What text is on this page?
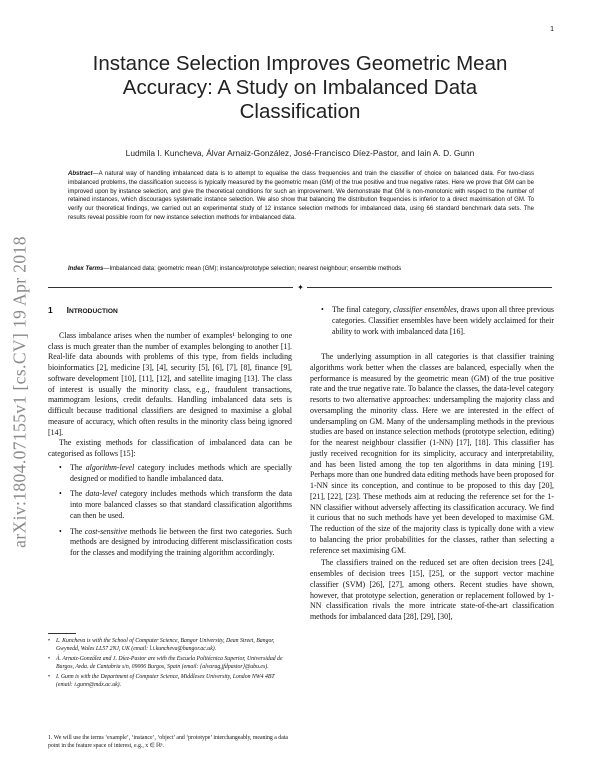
1
arXiv:1804.07155v1 [cs.CV] 19 Apr 2018
Instance Selection Improves Geometric Mean
Accuracy: A Study on Imbalanced Data
Classification
Ludmila I. Kuncheva, Álvar Arnaiz-González, José-Francisco Díez-Pastor, and Iain A. D. Gunn
Abstract—A natural way of handling imbalanced data is to attempt to equalise the class frequencies and train the classifier of choice on balanced data. For two-class imbalanced problems, the classification success is typically measured by the geometric mean (GM) of the true positive and true negative rates. Here we prove that GM can be improved upon by instance selection, and give the theoretical conditions for such an improvement. We demonstrate that GM is non-monotonic with respect to the number of retained instances, which discourages systematic instance selection. We also show that balancing the distribution frequencies is inferior to a direct maximisation of GM. To verify our theoretical findings, we carried out an experimental study of 12 instance selection methods for imbalanced data, using 66 standard benchmark data sets. The results reveal possible room for new instance selection methods for imbalanced data.
Index Terms—Imbalanced data; geometric mean (GM); instance/prototype selection; nearest neighbour; ensemble methods
✦
1 INTRODUCTION

Class imbalance arises when the number of examples¹ belonging to one class is much greater than the number of examples belonging to another [1]. Real-life data abounds with problems of this type, from fields including bioinformatics [2], medicine [3], [4], security [5], [6], [7], [8], finance [9], software development [10], [11], [12], and satellite imaging [13]. The class of interest is usually the minority class, e.g., fraudulent transactions, mammogram lesions, credit defaults. Handling imbalanced data sets is difficult because traditional classifiers are designed to maximise a global measure of accuracy, which often results in the minority class being ignored [14].

The existing methods for classification of imbalanced data can be categorised as follows [15]:

• The algorithm-level category includes methods which are specially designed or modified to handle imbalanced data.
• The data-level category includes methods which transform the data into more balanced classes so that standard classification algorithms can then be used.
• The cost-sensitive methods lie between the first two categories. Such methods are designed by introducing different misclassification costs for the classes and modifying the training algorithm accordingly.
• L. Kuncheva is with the School of Computer Science, Bangor University, Dean Street, Bangor, Gwynedd, Wales LL57 2NJ, UK (email: l.i.kuncheva@bangor.ac.uk).
• Á. Arnaiz-González and J. Díez-Pastor are with the Escuela Politécnica Superior, Universidad de Burgos, Avda. de Cantabria s/n, 09006 Burgos, Spain (email: {alvarag,jfdpastor}@ubu.es).
• I. Gunn is with the Department of Computer Science, Middlesex University, London NW4 4BT (email: i.gunn@mdx.ac.uk).
1. We will use the terms ‘example’, ‘instance’, ‘object’ and ‘prototype’ interchangeably, meaning a data point in the feature space of interest, e.g., x ∈ ℝⁿ.
• The final category, classifier ensembles, draws upon all three previous categories. Classifier ensembles have been widely acclaimed for their ability to work with imbalanced data [16].

The underlying assumption in all categories is that classifier training algorithms work better when the classes are balanced, especially when the performance is measured by the geometric mean (GM) of the true positive rate and the true negative rate. To balance the classes, the data-level category resorts to two alternative approaches: undersampling the majority class and oversampling the minority class. Here we are interested in the effect of undersampling on GM. Many of the undersampling methods in the previous studies are based on instance selection methods (prototype selection, editing) for the nearest neighbour classifier (1-NN) [17], [18]. This classifier has justly received recognition for its simplicity, accuracy and interpretability, and has been listed among the top ten algorithms in data mining [19]. Perhaps more than one hundred data editing methods have been proposed for 1-NN since its conception, and continue to be proposed to this day [20], [21], [22], [23]. These methods aim at reducing the reference set for the 1-NN classifier without adversely affecting its classification accuracy. We find it curious that no such methods have yet been developed to maximise GM. The reduction of the size of the majority class is typically done with a view to balancing the prior probabilities for the classes, rather than selecting a reference set maximising GM.

The classifiers trained on the reduced set are often decision trees [24], ensembles of decision trees [15], [25], or the support vector machine classifier (SVM) [26], [27], among others. Recent studies have shown, however, that prototype selection, generation or replacement followed by 1-NN classification rivals the more intricate state-of-the-art classification methods for imbalanced data [28], [29], [30],
